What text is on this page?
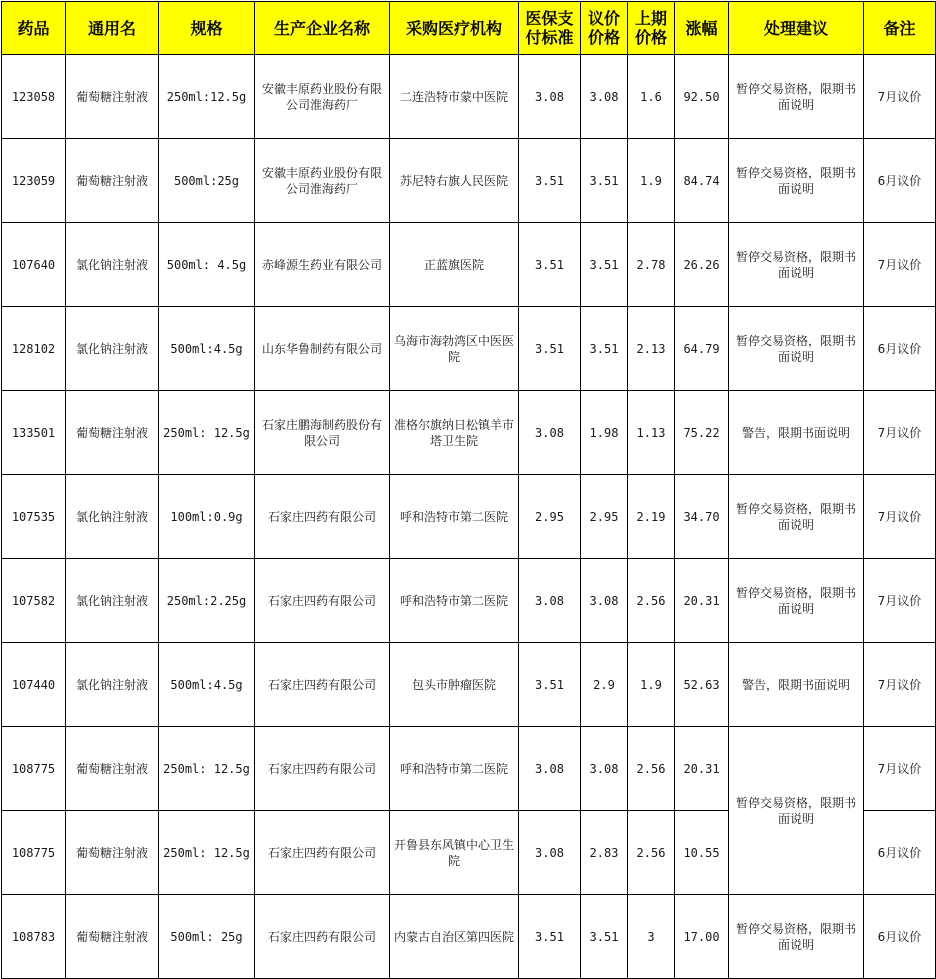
药品	通用名	规格	生产企业名称	采购医疗机构	医保支付标准	议价价格	上期价格	涨幅	处理建议	备注
123058	葡萄糖注射液	250ml:12.5g	安徽丰原药业股份有限公司淮海药厂	二连浩特市蒙中医院	3.08	3.08	1.6	92.50	暂停交易资格，限期书面说明	7月议价
123059	葡萄糖注射液	500ml:25g	安徽丰原药业股份有限公司淮海药厂	苏尼特右旗人民医院	3.51	3.51	1.9	84.74	暂停交易资格，限期书面说明	6月议价
107640	氯化钠注射液	500ml: 4.5g	赤峰源生药业有限公司	正蓝旗医院	3.51	3.51	2.78	26.26	暂停交易资格，限期书面说明	7月议价
128102	氯化钠注射液	500ml:4.5g	山东华鲁制药有限公司	乌海市海勃湾区中医医院	3.51	3.51	2.13	64.79	暂停交易资格，限期书面说明	6月议价
133501	葡萄糖注射液	250ml: 12.5g	石家庄鹏海制药股份有限公司	准格尔旗纳日松镇羊市塔卫生院	3.08	1.98	1.13	75.22	警告，限期书面说明	7月议价
107535	氯化钠注射液	100ml:0.9g	石家庄四药有限公司	呼和浩特市第二医院	2.95	2.95	2.19	34.70	暂停交易资格，限期书面说明	7月议价
107582	氯化钠注射液	250ml:2.25g	石家庄四药有限公司	呼和浩特市第二医院	3.08	3.08	2.56	20.31	暂停交易资格，限期书面说明	7月议价
107440	氯化钠注射液	500ml:4.5g	石家庄四药有限公司	包头市肿瘤医院	3.51	2.9	1.9	52.63	警告，限期书面说明	7月议价
108775	葡萄糖注射液	250ml: 12.5g	石家庄四药有限公司	呼和浩特市第二医院	3.08	3.08	2.56	20.31	暂停交易资格，限期书面说明	7月议价
108775	葡萄糖注射液	250ml: 12.5g	石家庄四药有限公司	开鲁县东风镇中心卫生院	3.08	2.83	2.56	10.55		6月议价
108783	葡萄糖注射液	500ml: 25g	石家庄四药有限公司	内蒙古自治区第四医院	3.51	3.51	3	17.00	暂停交易资格，限期书面说明	6月议价
